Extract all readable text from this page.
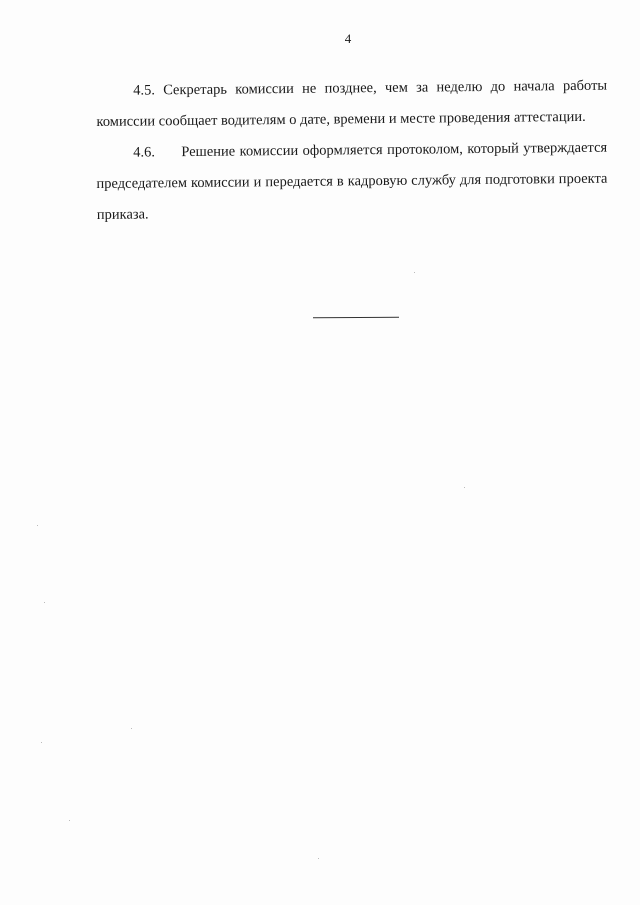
4

4.5. Секретарь комиссии не позднее, чем за неделю до начала работы комиссии сообщает водителям о дате, времени и месте проведения аттестации.

4.6.      Решение комиссии оформляется протоколом, который утверждается председателем комиссии и передается в кадровую службу для подготовки проекта приказа.
